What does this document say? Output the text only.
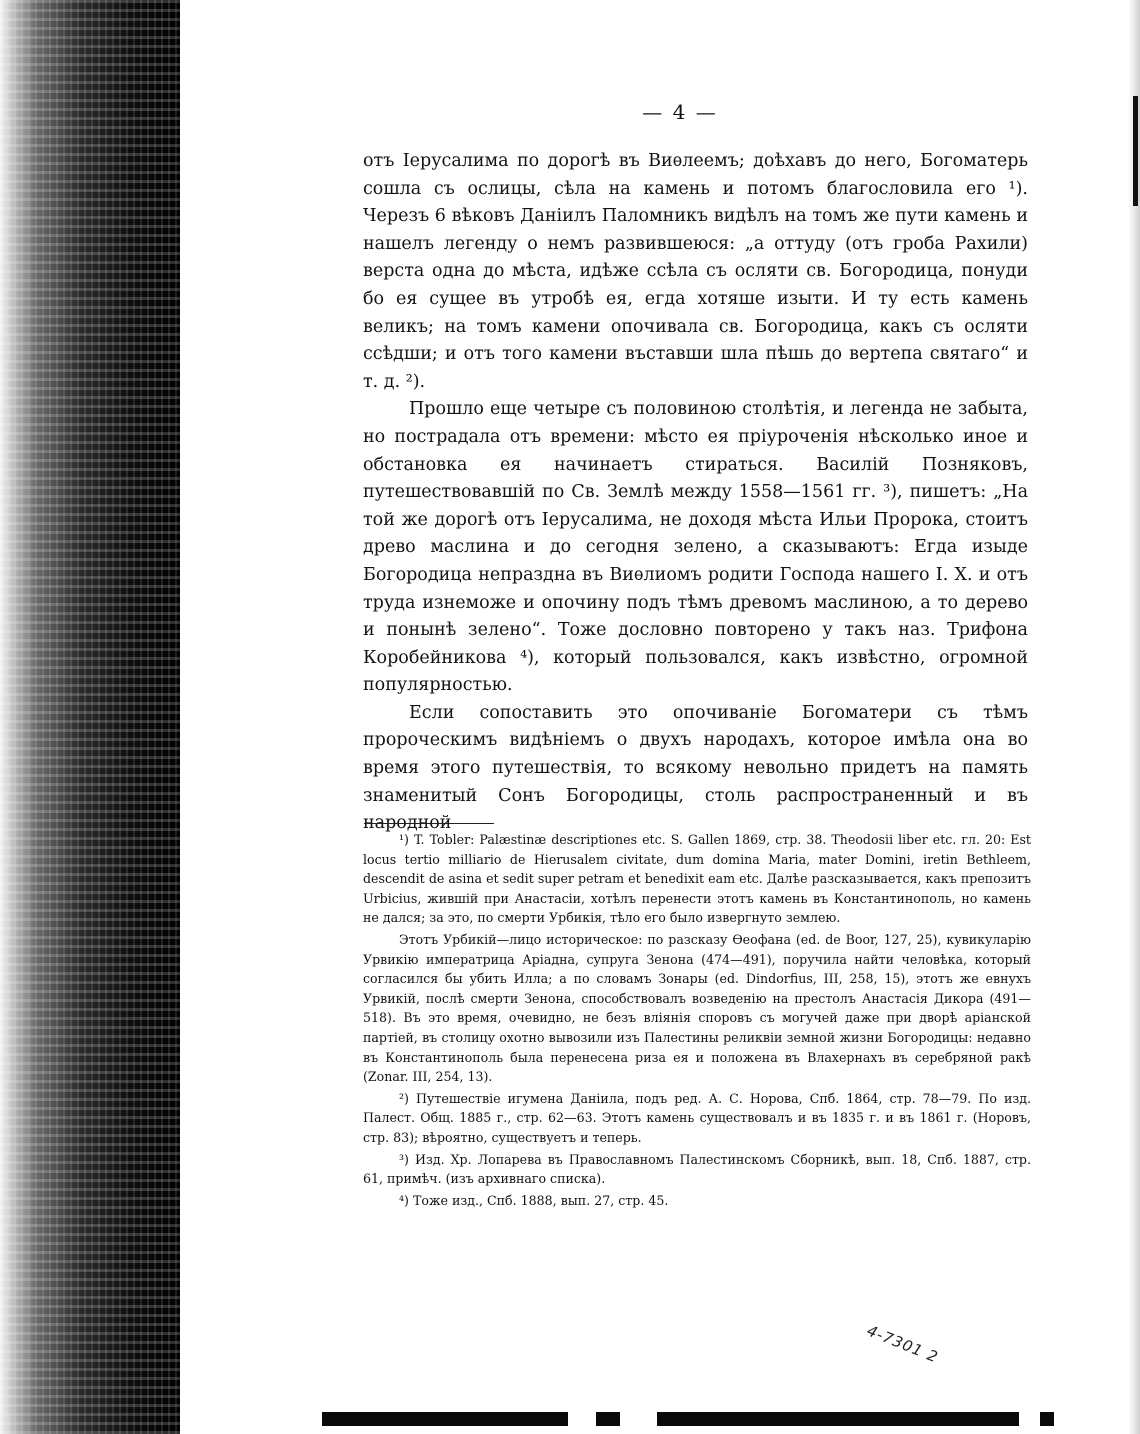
— 4 —

отъ Іерусалима по дорогѣ въ Виѳлеемъ; доѣхавъ до него, Богоматерь сошла съ ослицы, сѣла на камень и потомъ благословила его ¹). Черезъ 6 вѣковъ Даніилъ Паломникъ видѣлъ на томъ же пути камень и нашелъ легенду о немъ развившеюся: „а оттуду (отъ гроба Рахили) верста одна до мѣста, идѣже ссѣла съ осляти св. Богородица, понуди бо ея сущее въ утробѣ ея, егда хотяше изыти. И ту есть камень великъ; на томъ камени опочивала св. Богородица, какъ съ осляти ссѣдши; и отъ того камени въставши шла пѣшь до вертепа святаго“ и т. д. ²).

Прошло еще четыре съ половиною столѣтія, и легенда не забыта, но пострадала отъ времени: мѣсто ея пріуроченія нѣсколько иное и обстановка ея начинаетъ стираться. Василій Позняковъ, путешествовавшій по Св. Землѣ между 1558—1561 гг. ³), пишетъ: „На той же дорогѣ отъ Іерусалима, не доходя мѣста Ильи Пророка, стоитъ древо маслина и до сегодня зелено, а сказываютъ: Егда изыде Богородица непраздна въ Виѳлиомъ родити Господа нашего І. Х. и отъ труда изнеможе и опочину подъ тѣмъ древомъ маслиною, а то дерево и понынѣ зелено“. Тоже дословно повторено у такъ наз. Трифона Коробейникова ⁴), который пользовался, какъ извѣстно, огромной популярностью.

Если сопоставить это опочиваніе Богоматери съ тѣмъ пророческимъ видѣніемъ о двухъ народахъ, которое имѣла она во время этого путешествія, то всякому невольно придетъ на память знаменитый Сонъ Богородицы, столь распространенный и въ народной

¹) T. Tobler: Palæstinæ descriptiones etc. S. Gallen 1869, стр. 38. Theodosii liber etc. гл. 20: Est locus tertio milliario de Hierusalem civitate, dum domina Maria, mater Domini, iretin Bethleem, descendit de asina et sedit super petram et benedixit eam etc. Далѣе разсказывается, какъ препозитъ Urbicius, жившій при Анастасіи, хотѣлъ перенести этотъ камень въ Константинополь, но камень не дался; за это, по смерти Урбикія, тѣло его было извергнуто землею.

Этотъ Урбикій—лицо историческое: по разсказу Ѳеофана (ed. de Boor, 127, 25), кувикуларію Урвикію императрица Аріадна, супруга Зенона (474—491), поручила найти человѣка, который согласился бы убить Илла; а по словамъ Зонары (ed. Dindorfius, III, 258, 15), этотъ же евнухъ Урвикій, послѣ смерти Зенона, способствовалъ возведенію на престолъ Анастасія Дикора (491—518). Въ это время, очевидно, не безъ вліянія споровъ съ могучей даже при дворѣ аріанской партіей, въ столицу охотно вывозили изъ Палестины реликвіи земной жизни Богородицы: недавно въ Константинополь была перенесена риза ея и положена въ Влахернахъ въ серебряной ракѣ (Zonar. III, 254, 13).

²) Путешествіе игумена Даніила, подъ ред. А. С. Норова, Спб. 1864, стр. 78—79. По изд. Палест. Общ. 1885 г., стр. 62—63. Этотъ камень существовалъ и въ 1835 г. и въ 1861 г. (Норовъ, стр. 83); вѣроятно, существуетъ и теперь.

³) Изд. Хр. Лопарева въ Православномъ Палестинскомъ Сборникѣ, вып. 18, Спб. 1887, стр. 61, примѣч. (изъ архивнаго списка).

⁴) Тоже изд., Спб. 1888, вып. 27, стр. 45.

4-7301 2
